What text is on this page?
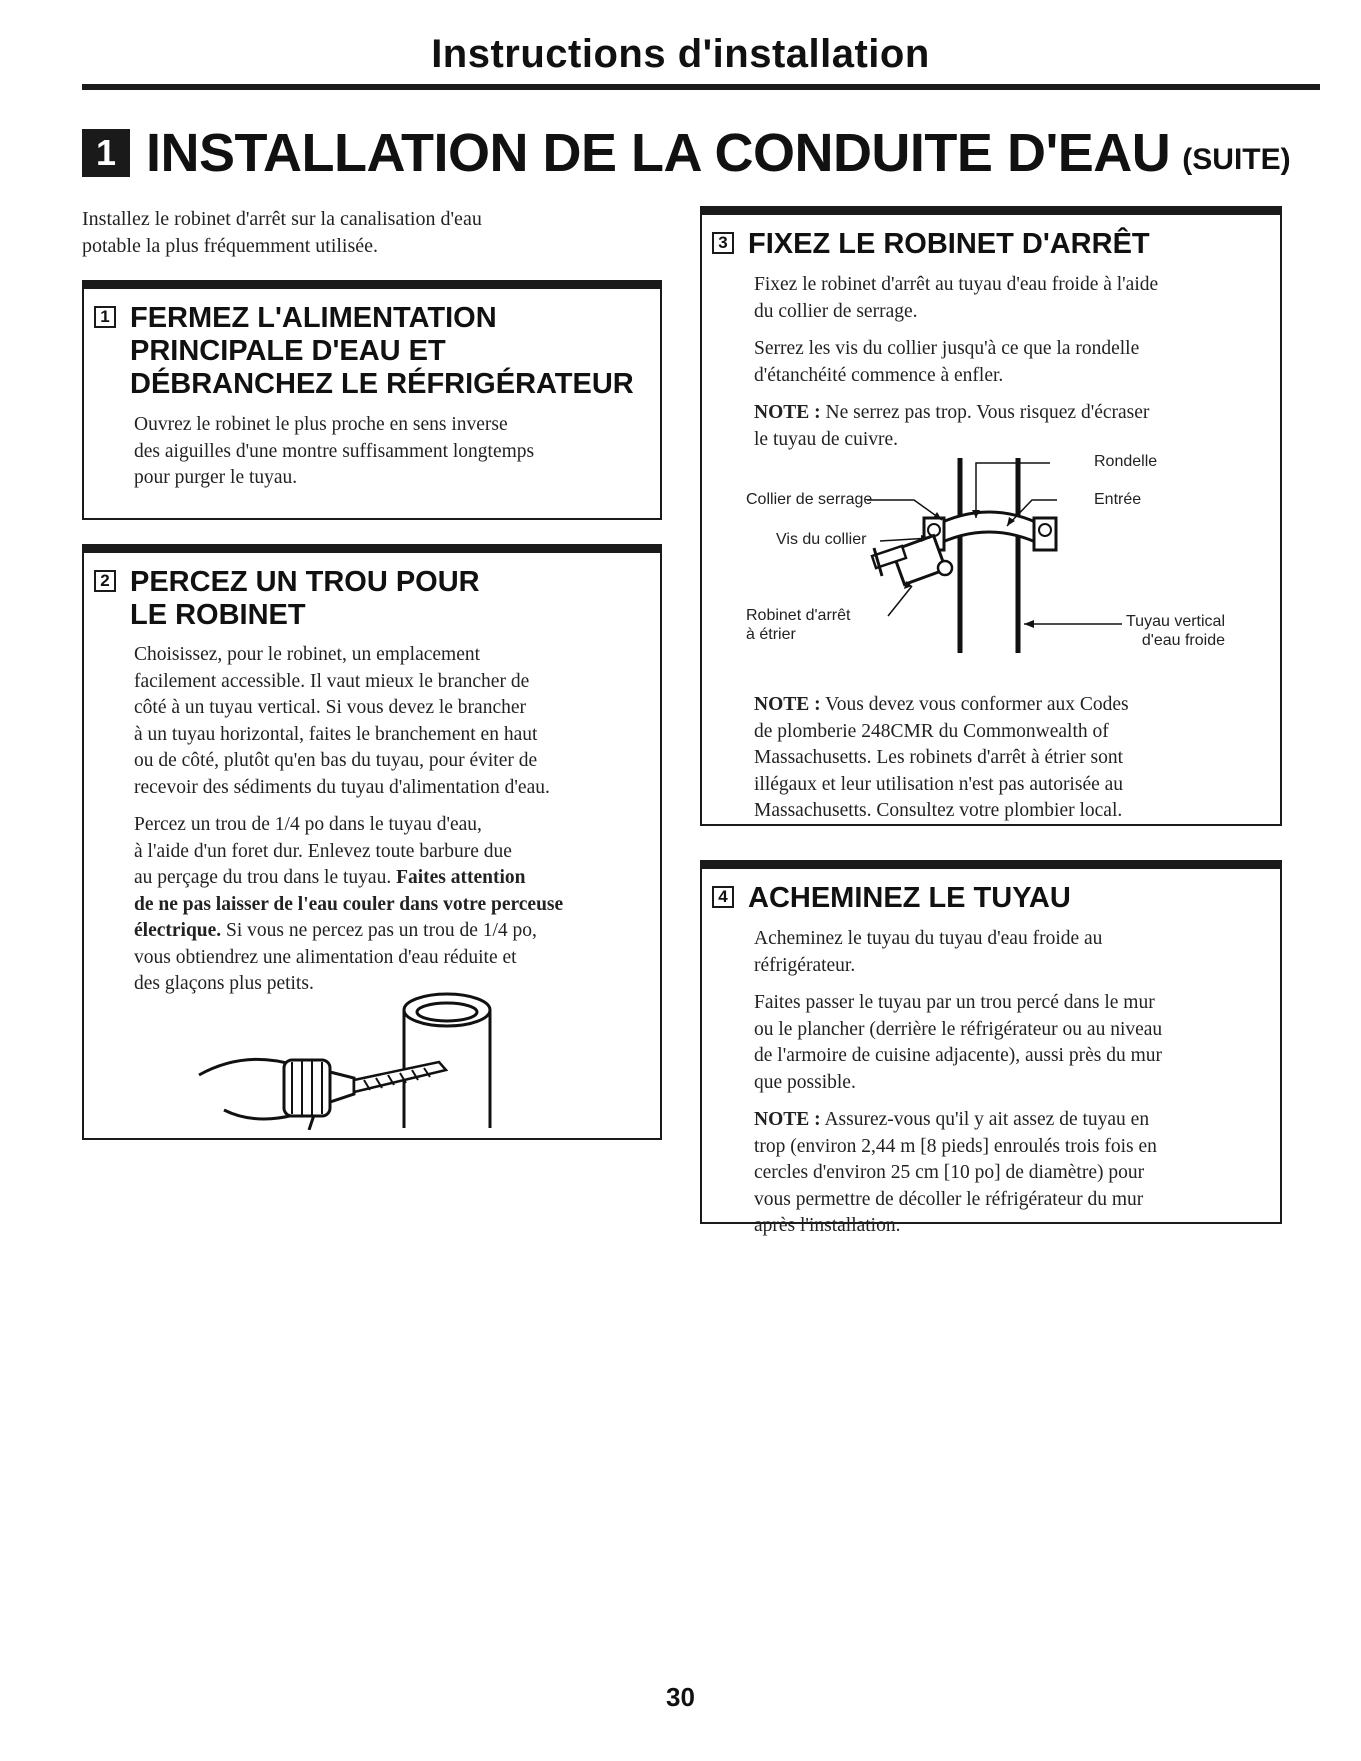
Instructions d'installation
1 INSTALLATION DE LA CONDUITE D'EAU (SUITE)
Installez le robinet d'arrêt sur la canalisation d'eau
potable la plus fréquemment utilisée.
1 FERMEZ L'ALIMENTATION
PRINCIPALE D'EAU ET
DÉBRANCHEZ LE RÉFRIGÉRATEUR
Ouvrez le robinet le plus proche en sens inverse
des aiguilles d'une montre suffisamment longtemps
pour purger le tuyau.
2 PERCEZ UN TROU POUR
LE ROBINET

Choisissez, pour le robinet, un emplacement
facilement accessible. Il vaut mieux le brancher de
côté à un tuyau vertical. Si vous devez le brancher
à un tuyau horizontal, faites le branchement en haut
ou de côté, plutôt qu'en bas du tuyau, pour éviter de
recevoir des sédiments du tuyau d'alimentation d'eau.

Percez un trou de 1/4 po dans le tuyau d'eau,
à l'aide d'un foret dur. Enlevez toute barbure due
au perçage du trou dans le tuyau. Faites attention
de ne pas laisser de l'eau couler dans votre perceuse
électrique. Si vous ne percez pas un trou de 1/4 po,
vous obtiendrez une alimentation d'eau réduite et
des glaçons plus petits.

3 FIXEZ LE ROBINET D'ARRÊT

Fixez le robinet d'arrêt au tuyau d'eau froide à l'aide
du collier de serrage.

Serrez les vis du collier jusqu'à ce que la rondelle
d'étanchéité commence à enfler.

NOTE : Ne serrez pas trop. Vous risquez d'écraser
le tuyau de cuivre.

Rondelle
Collier de serrage	Entrée
Vis du collier
Robinet d'arrêt
à étrier
Tuyau vertical
d'eau froide
NOTE : Vous devez vous conformer aux Codes
de plomberie 248CMR du Commonwealth of
Massachusetts. Les robinets d'arrêt à étrier sont
illégaux et leur utilisation n'est pas autorisée au
Massachusetts. Consultez votre plombier local.
4 ACHEMINEZ LE TUYAU

Acheminez le tuyau du tuyau d'eau froide au
réfrigérateur.

Faites passer le tuyau par un trou percé dans le mur
ou le plancher (derrière le réfrigérateur ou au niveau
de l'armoire de cuisine adjacente), aussi près du mur
que possible.

NOTE : Assurez-vous qu'il y ait assez de tuyau en
trop (environ 2,44 m [8 pieds] enroulés trois fois en
cercles d'environ 25 cm [10 po] de diamètre) pour
vous permettre de décoller le réfrigérateur du mur
après l'installation.

30
